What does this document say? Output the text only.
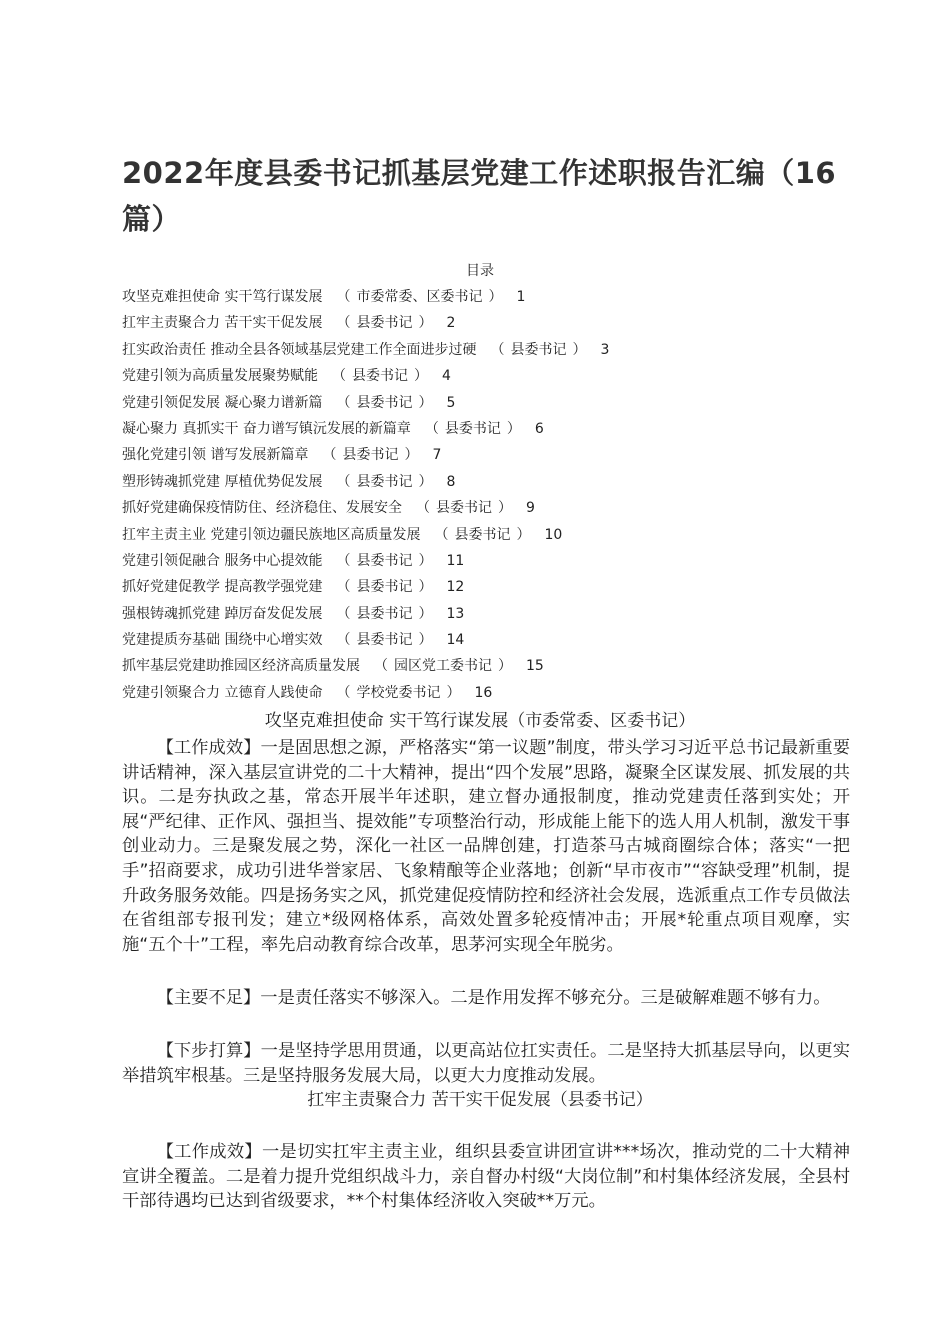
2022年度县委书记抓基层党建工作述职报告汇编（16篇）
目录
攻坚克难担使命 实干笃行谋发展 （ 市委常委、区委书记 ） 1
扛牢主责聚合力 苦干实干促发展 （ 县委书记 ） 2
扛实政治责任 推动全县各领域基层党建工作全面进步过硬 （ 县委书记 ） 3
党建引领为高质量发展聚势赋能 （ 县委书记 ） 4
党建引领促发展 凝心聚力谱新篇 （ 县委书记 ） 5
凝心聚力 真抓实干 奋力谱写镇沅发展的新篇章 （ 县委书记 ） 6
强化党建引领 谱写发展新篇章 （ 县委书记 ） 7
塑形铸魂抓党建 厚植优势促发展 （ 县委书记 ） 8
抓好党建确保疫情防住、经济稳住、发展安全 （ 县委书记 ） 9
扛牢主责主业 党建引领边疆民族地区高质量发展 （ 县委书记 ） 10
党建引领促融合 服务中心提效能 （ 县委书记 ） 11
抓好党建促教学 提高教学强党建 （ 县委书记 ） 12
强根铸魂抓党建 踔厉奋发促发展 （ 县委书记 ） 13
党建提质夯基础 围绕中心增实效 （ 县委书记 ） 14
抓牢基层党建助推园区经济高质量发展 （ 园区党工委书记 ） 15
党建引领聚合力 立德育人践使命 （ 学校党委书记 ） 16
攻坚克难担使命 实干笃行谋发展（市委常委、区委书记）

【工作成效】一是固思想之源，严格落实“第一议题”制度，带头学习习近平总书记最新重要讲话精神，深入基层宣讲党的二十大精神，提出“四个发展”思路，凝聚全区谋发展、抓发展的共识。二是夯执政之基，常态开展半年述职，建立督办通报制度，推动党建责任落到实处；开展“严纪律、正作风、强担当、提效能”专项整治行动，形成能上能下的选人用人机制，激发干事创业动力。三是聚发展之势，深化一社区一品牌创建，打造茶马古城商圈综合体；落实“一把手”招商要求，成功引进华誉家居、飞象精酿等企业落地；创新“早市夜市”“容缺受理”机制，提升政务服务效能。四是扬务实之风，抓党建促疫情防控和经济社会发展，选派重点工作专员做法在省组部专报刊发；建立*级网格体系，高效处置多轮疫情冲击；开展*轮重点项目观摩，实施“五个十”工程，率先启动教育综合改革，思茅河实现全年脱劣。

【主要不足】一是责任落实不够深入。二是作用发挥不够充分。三是破解难题不够有力。

【下步打算】一是坚持学思用贯通，以更高站位扛实责任。二是坚持大抓基层导向，以更实举措筑牢根基。三是坚持服务发展大局，以更大力度推动发展。

扛牢主责聚合力 苦干实干促发展（县委书记）

【工作成效】一是切实扛牢主责主业，组织县委宣讲团宣讲***场次，推动党的二十大精神宣讲全覆盖。二是着力提升党组织战斗力，亲自督办村级“大岗位制”和村集体经济发展，全县村干部待遇均已达到省级要求，**个村集体经济收入突破**万元。
